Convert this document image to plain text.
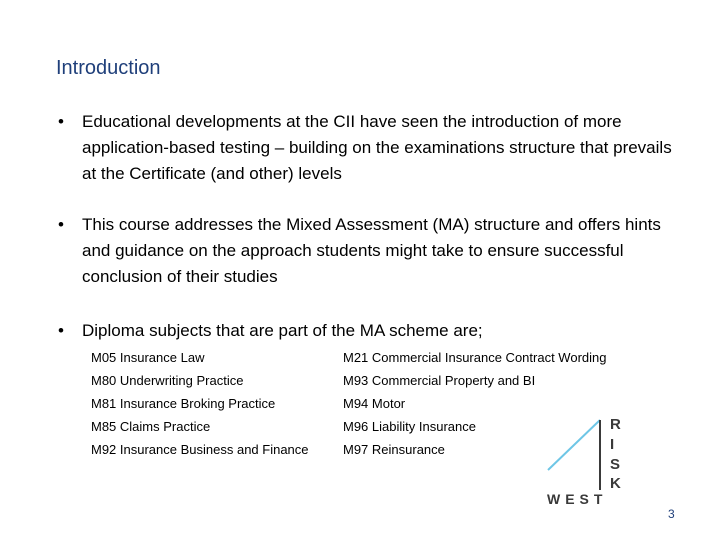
Introduction
• Educational developments at the CII have seen the introduction of more application-based testing – building on the examinations structure that prevails at the Certificate (and other) levels
• This course addresses the Mixed Assessment (MA) structure and offers hints and guidance on the approach students might take to ensure successful conclusion of their studies
• Diploma subjects that are part of the MA scheme are;
M05 Insurance Law
M80 Underwriting Practice
M81 Insurance Broking Practice
M85 Claims Practice
M92 Insurance Business and Finance
M21 Commercial Insurance Contract Wording
M93 Commercial Property and BI
M94 Motor
M96 Liability Insurance
M97 Reinsurance
R
I
S
K
WEST
3
